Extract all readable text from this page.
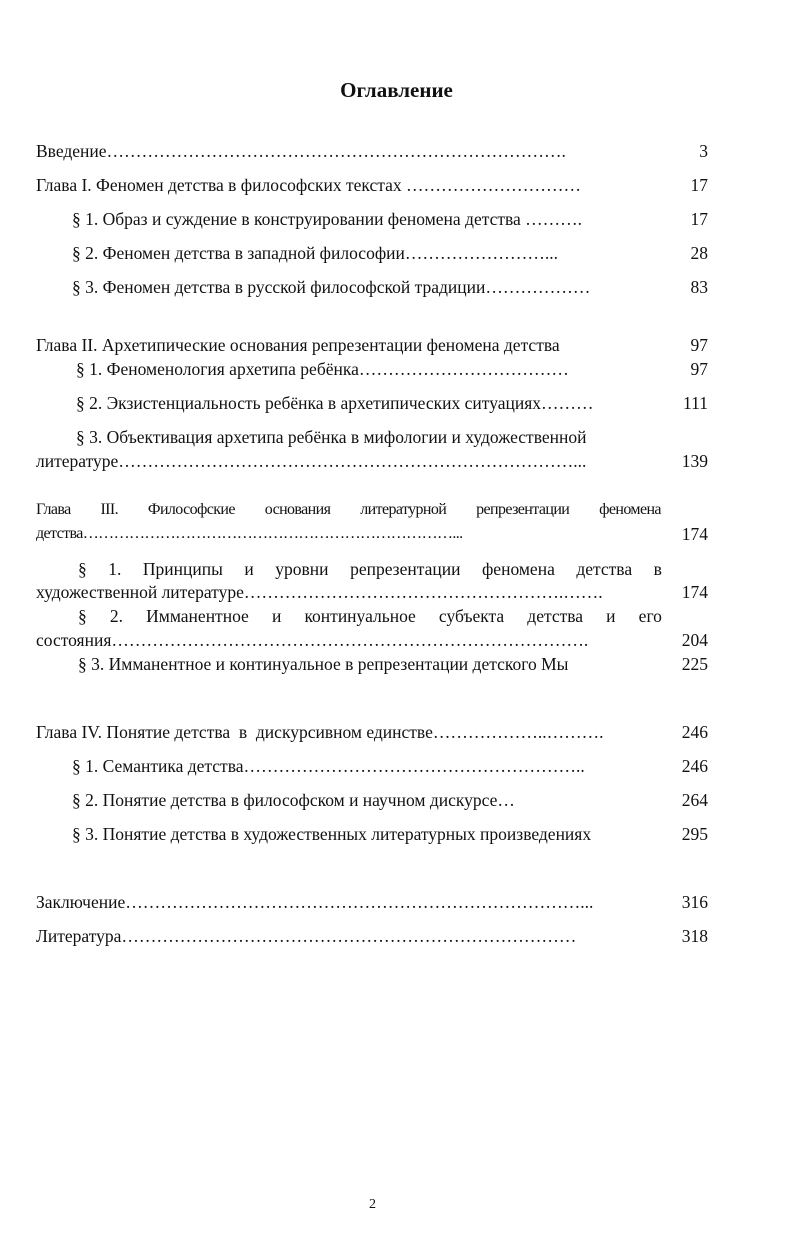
Оглавление
Введение…………………………………………………………………….	3
Глава I. Феномен детства в философских текстах …………………………	17
§ 1. Образ и суждение в конструировании феномена детства ……….	17
§ 2. Феномен детства в западной философии……………………...	28
§ 3. Феномен детства в русской философской традиции………………	83
Глава II. Архетипические основания репрезентации феномена детства	97
§ 1. Феноменология архетипа ребёнка………………………………	97
§ 2. Экзистенциальность ребёнка в архетипических ситуациях………	111
§ 3. Объективация архетипа ребёнка в мифологии и художественной
литературе……………………………………………………………………...	139
Глава III. Философские основания литературной репрезентации феномена
детства………………………………………………………………...	174
§ 1. Принципы и уровни репрезентации феномена детства в
художественной литературе……………………………………………….…….	174
§ 2. Имманентное и континуальное субъекта детства и его
состояния……………………………………………………………………….	204
§ 3. Имманентное и континуальное в репрезентации детского Мы	225
Глава IV. Понятие детства  в  дискурсивном единстве………………..……….	246
§ 1. Семантика детства…………………………………………………..	246
§ 2. Понятие детства в философском и научном дискурсе…	264
§ 3. Понятие детства в художественных литературных произведениях	295
Заключение……………………………………………………………………...	316
Литература……………………………………………………………………	318
2
